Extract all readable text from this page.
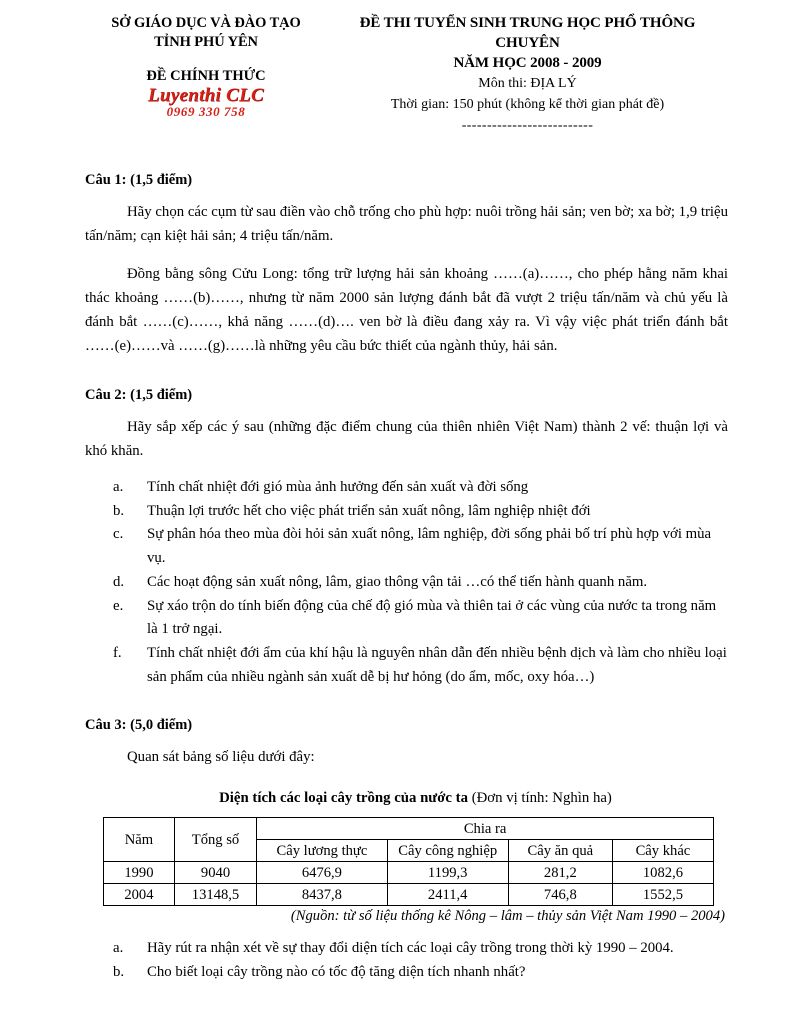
SỞ GIÁO DỤC VÀ ĐÀO TẠO
TỈNH PHÚ YÊN
ĐỀ CHÍNH THỨC
Luyenthi CLC
0969 330 758
ĐỀ THI TUYỂN SINH TRUNG HỌC PHỔ THÔNG CHUYÊN
NĂM HỌC 2008 - 2009
Môn thi: ĐỊA LÝ
Thời gian: 150 phút (không kể thời gian phát đề)
--------------------------
Câu 1: (1,5 điểm)

Hãy chọn các cụm từ sau điền vào chỗ trống cho phù hợp: nuôi trồng hải sản; ven bờ; xa bờ; 1,9 triệu tấn/năm; cạn kiệt hải sản; 4 triệu tấn/năm.

Đồng bằng sông Cửu Long: tổng trữ lượng hải sản khoảng ……(a)……, cho phép hằng năm khai thác khoảng ……(b)……, nhưng từ năm 2000 sản lượng đánh bắt đã vượt 2 triệu tấn/năm và chủ yếu là đánh bắt ……(c)……, khả năng ……(d)…. ven bờ là điều đang xảy ra. Vì vậy việc phát triển đánh bắt ……(e)……và ……(g)……là những yêu cầu bức thiết của ngành thủy, hải sản.

Câu 2: (1,5 điểm)

Hãy sắp xếp các ý sau (những đặc điểm chung của thiên nhiên Việt Nam) thành 2 vế: thuận lợi và khó khăn.

a.	Tính chất nhiệt đới gió mùa ảnh hưởng đến sản xuất và đời sống
b.	Thuận lợi trước hết cho việc phát triển sản xuất nông, lâm nghiệp nhiệt đới
c.	Sự phân hóa theo mùa đòi hỏi sản xuất nông, lâm nghiệp, đời sống phải bố trí phù hợp với mùa vụ.
d.	Các hoạt động sản xuất nông, lâm, giao thông vận tải …có thể tiến hành quanh năm.
e.	Sự xáo trộn do tính biến động của chế độ gió mùa và thiên tai ở các vùng của nước ta trong năm là 1 trở ngại.
f.	Tính chất nhiệt đới ẩm của khí hậu là nguyên nhân dẫn đến nhiều bệnh dịch và làm cho nhiều loại sản phẩm của nhiều ngành sản xuất dễ bị hư hỏng (do ẩm, mốc, oxy hóa…)
Câu 3: (5,0 điểm)

Quan sát bảng số liệu dưới đây:

Diện tích các loại cây trồng của nước ta (Đơn vị tính: Nghìn ha)
Năm	Tổng số	Chia ra			
		Cây lương thực	Cây công nghiệp	Cây ăn quả	Cây khác
1990	9040	6476,9	1199,3	281,2	1082,6
2004	13148,5	8437,8	2411,4	746,8	1552,5
(Nguồn: từ số liệu thống kê Nông – lâm – thủy sản Việt Nam 1990 – 2004)
a.	Hãy rút ra nhận xét về sự thay đổi diện tích các loại cây trồng trong thời kỳ 1990 – 2004.
b.	Cho biết loại cây trồng nào có tốc độ tăng diện tích nhanh nhất?
